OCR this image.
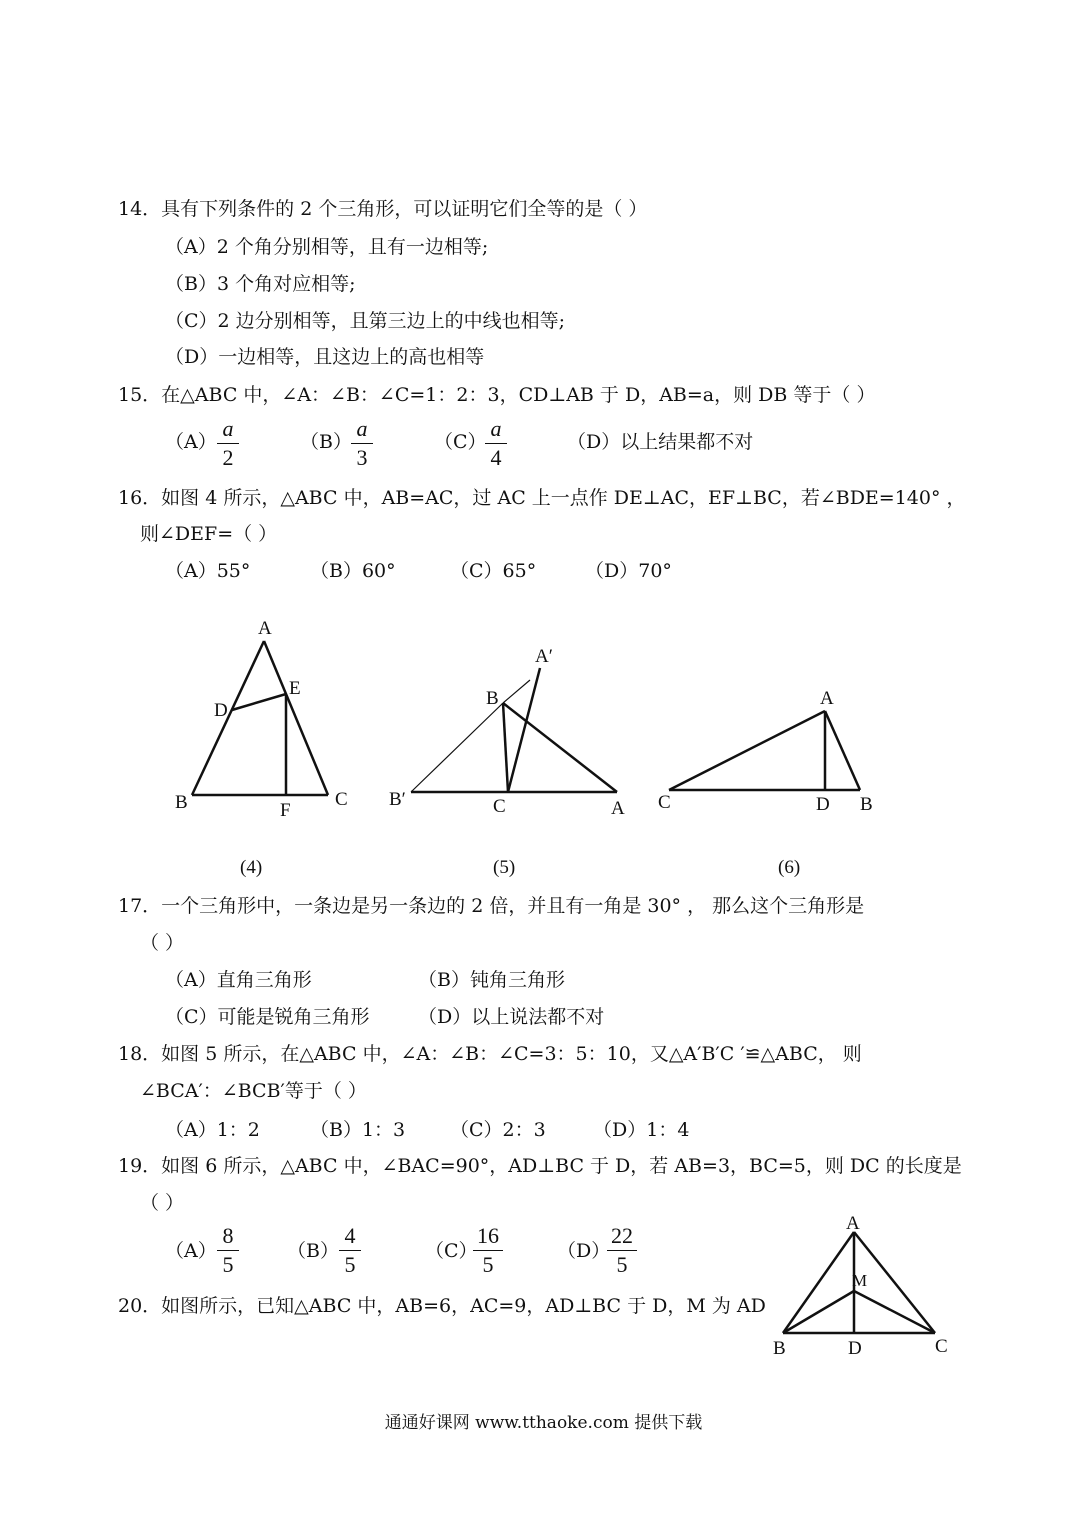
14．具有下列条件的 2 个三角形，可以证明它们全等的是（ ）
（A）2 个角分别相等，且有一边相等;
（B）3 个角对应相等;
（C）2 边分别相等，且第三边上的中线也相等;
（D）一边相等，且这边上的高也相等
15．在△ABC 中，∠A：∠B：∠C=1：2：3，CD⊥AB 于 D，AB=a，则 DB 等于（ ）
（A）
a
2
（B）
a
3
（C）
a
4
（D）以上结果都不对
16．如图 4 所示，△ABC 中，AB=AC，过 AC 上一点作 DE⊥AC，EF⊥BC，若∠BDE=140° ，
则∠DEF=（ ）
（A）55°	（B）60°	（C）65°	（D）70°
A
D
E
B	F
C
A′
B
B′	C	A
A
C	D B
A
M
B	D	C
(4)	(5)	(6)
17．一个三角形中，一条边是另一条边的 2 倍，并且有一角是 30° ， 那么这个三角形是
（ ）
（A）直角三角形	（B）钝角三角形
（C）可能是锐角三角形	（D）以上说法都不对
18．如图 5 所示，在△ABC 中，∠A：∠B：∠C=3：5：10，又△A′B′C ′≌△ABC， 则
∠BCA′：∠BCB′等于（ ）
（A）1：2	（B）1：3 （C）2：3 （D）1：4
19．如图 6 所示，△ABC 中，∠BAC=90°，AD⊥BC 于 D，若 AB=3，BC=5，则 DC 的长度是
（ ）
（A）
8
5
（B）
4
5
（C）
16
5
（D）
22
5
20．如图所示，已知△ABC 中，AB=6，AC=9，AD⊥BC 于 D，M 为 AD
通通好课网 www.tthaoke.com 提供下载
